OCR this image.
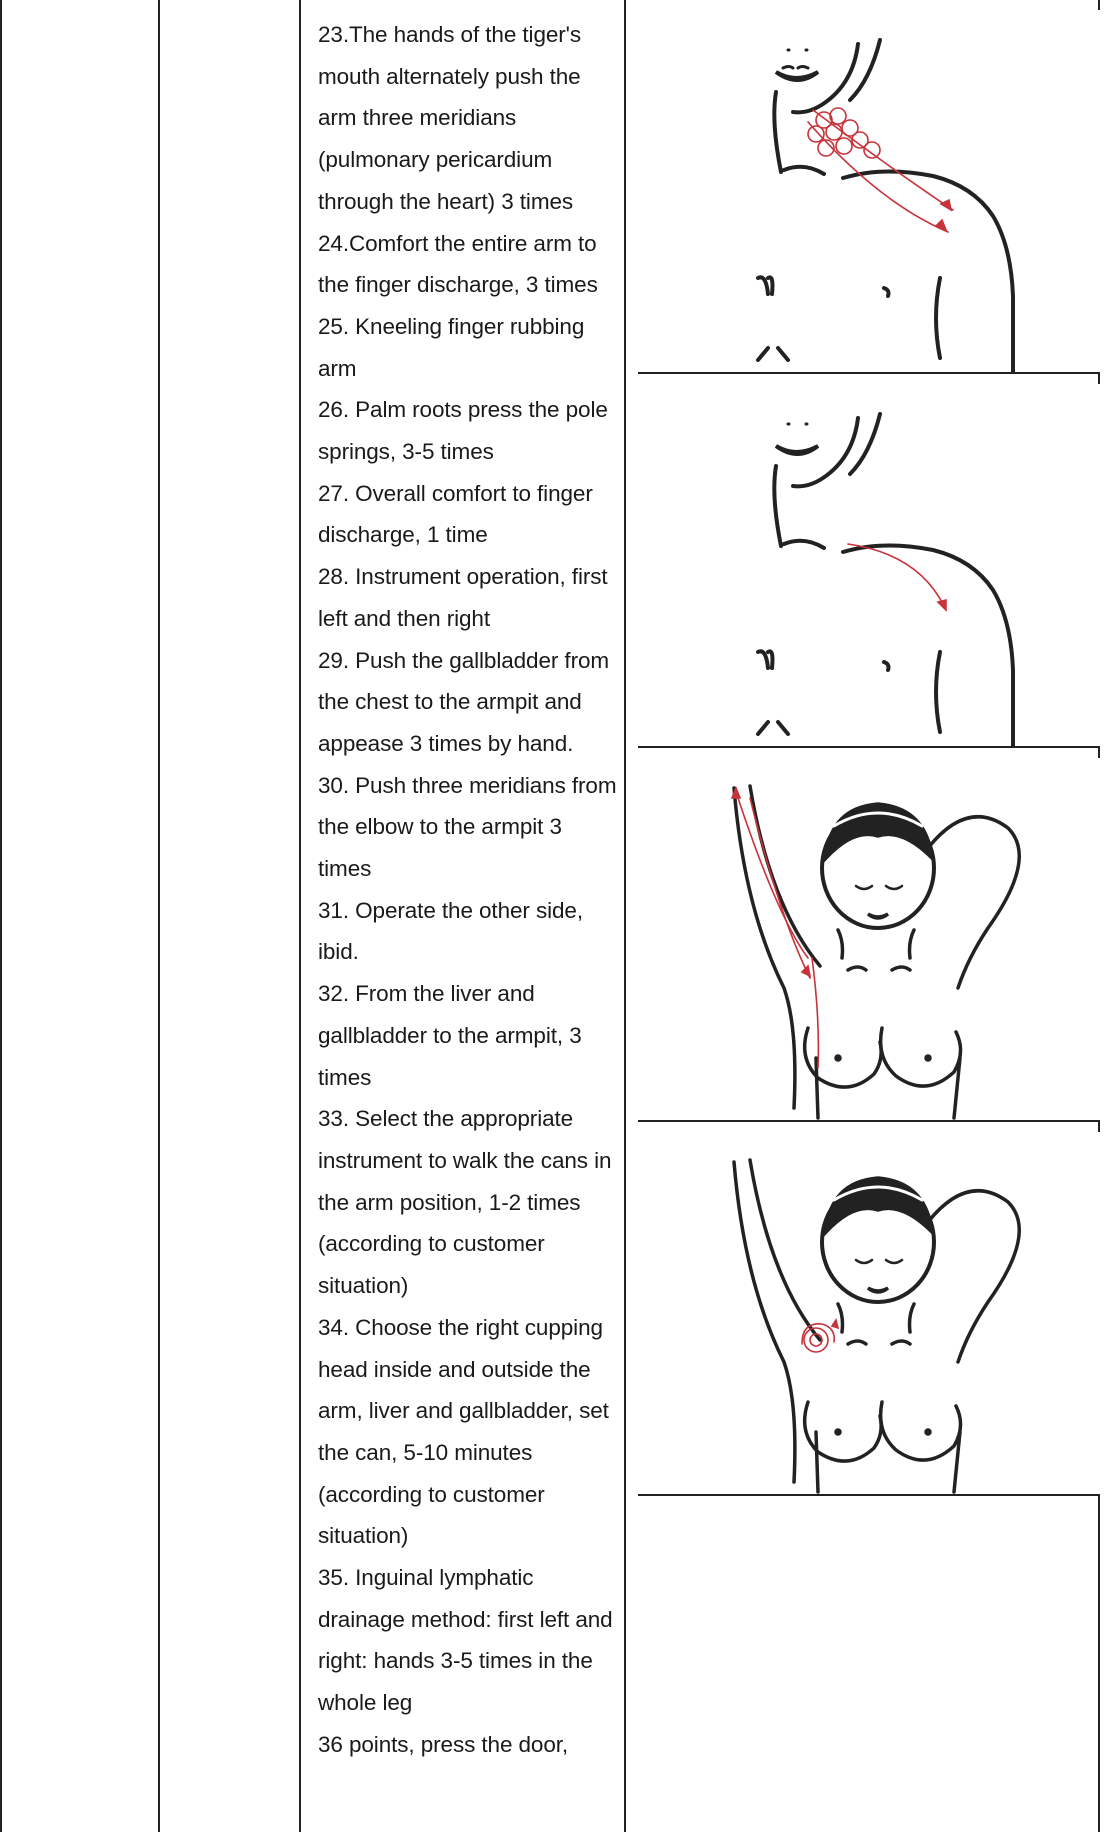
23.The hands of the tiger's mouth alternately push the arm three meridians (pulmonary pericardium through the heart) 3 times
24.Comfort the entire arm to the finger discharge, 3 times
25. Kneeling finger rubbing arm
26. Palm roots press the pole springs, 3-5 times
27. Overall comfort to finger discharge, 1 time
28. Instrument operation, first left and then right
29. Push the gallbladder from the chest to the armpit and appease 3 times by hand.
30. Push three meridians from the elbow to the armpit 3 times
31. Operate the other side, ibid.
32. From the liver and gallbladder to the armpit, 3 times
33. Select the appropriate instrument to walk the cans in the arm position, 1-2 times (according to customer situation)
34. Choose the right cupping head inside and outside the arm, liver and gallbladder, set the can, 5-10 minutes (according to customer situation)
35. Inguinal lymphatic drainage method: first left and right: hands 3-5 times in the whole leg
36 points, press the door,
